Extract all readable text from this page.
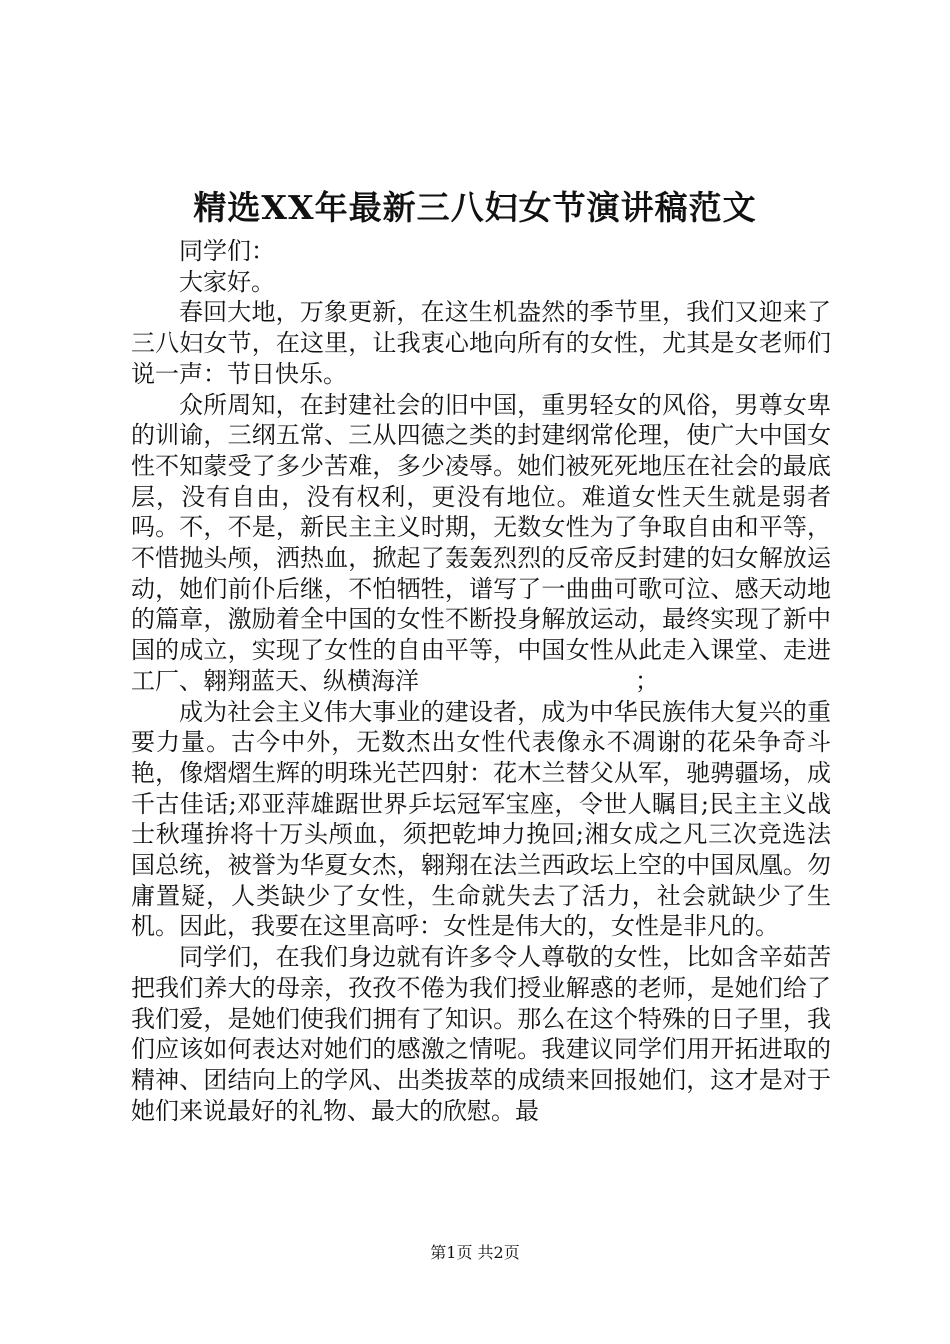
精选XX年最新三八妇女节演讲稿范文

同学们：

大家好。

春回大地，万象更新，在这生机盎然的季节里，我们又迎来了三八妇女节，在这里，让我衷心地向所有的女性，尤其是女老师们说一声：节日快乐。

众所周知，在封建社会的旧中国，重男轻女的风俗，男尊女卑的训谕，三纲五常、三从四德之类的封建纲常伦理，使广大中国女性不知蒙受了多少苦难，多少凌辱。她们被死死地压在社会的最底层，没有自由，没有权利，更没有地位。难道女性天生就是弱者吗。不，不是，新民主主义时期，无数女性为了争取自由和平等，不惜抛头颅，洒热血，掀起了轰轰烈烈的反帝反封建的妇女解放运动，她们前仆后继，不怕牺牲，谱写了一曲曲可歌可泣、感天动地的篇章，激励着全中国的女性不断投身解放运动，最终实现了新中国的成立，实现了女性的自由平等，中国女性从此走入课堂、走进工厂、翱翔蓝天、纵横海洋	；

成为社会主义伟大事业的建设者，成为中华民族伟大复兴的重要力量。古今中外，无数杰出女性代表像永不凋谢的花朵争奇斗艳，像熠熠生辉的明珠光芒四射：花木兰替父从军，驰骋疆场，成千古佳话;邓亚萍雄踞世界乒坛冠军宝座，令世人瞩目;民主主义战士秋瑾拚将十万头颅血，须把乾坤力挽回;湘女成之凡三次竞选法国总统，被誉为华夏女杰，翱翔在法兰西政坛上空的中国凤凰。勿庸置疑，人类缺少了女性，生命就失去了活力，社会就缺少了生机。因此，我要在这里高呼：女性是伟大的，女性是非凡的。

同学们，在我们身边就有许多令人尊敬的女性，比如含辛茹苦把我们养大的母亲，孜孜不倦为我们授业解惑的老师，是她们给了我们爱，是她们使我们拥有了知识。那么在这个特殊的日子里，我们应该如何表达对她们的感激之情呢。我建议同学们用开拓进取的精神、团结向上的学风、出类拔萃的成绩来回报她们，这才是对于她们来说最好的礼物、最大的欣慰。最

第1页 共2页
